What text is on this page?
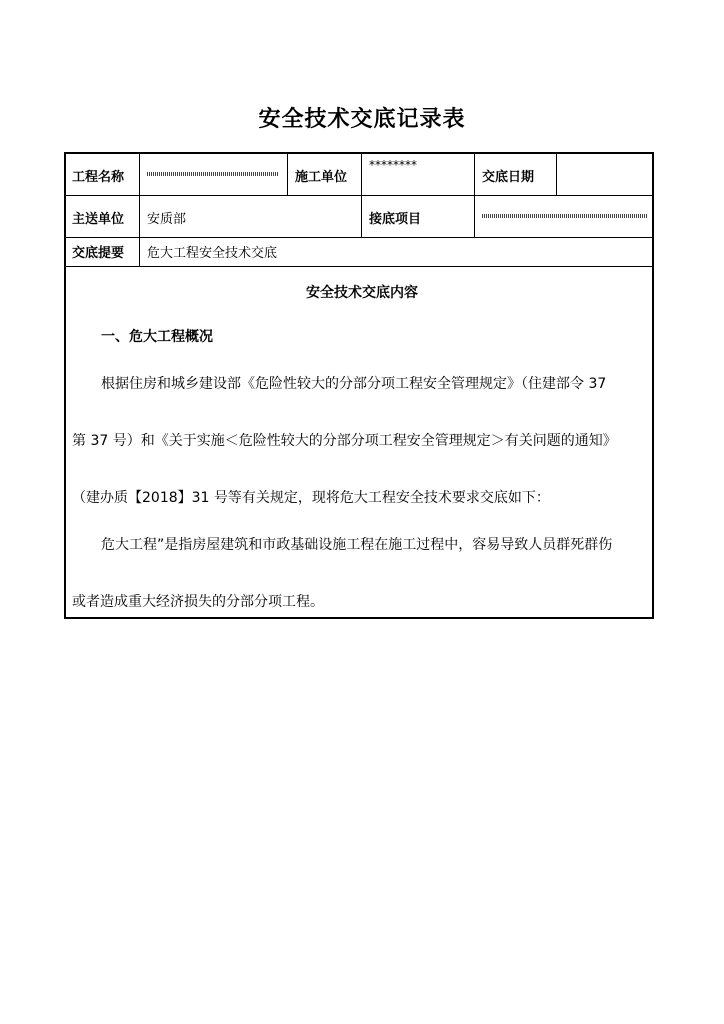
安全技术交底记录表
工程名称	施工单位
********
交底日期
主送单位 安质部	接底项目
交底提要 危大工程安全技术交底
安全技术交底内容
一、危大工程概况
根据住房和城乡建设部《危险性较大的分部分项工程安全管理规定》（住建部令 37
第 37 号）和《关于实施＜危险性较大的分部分项工程安全管理规定＞有关问题的通知》
（建办质【2018】31 号等有关规定，现将危大工程安全技术要求交底如下：
危大工程”是指房屋建筑和市政基础设施工程在施工过程中，容易导致人员群死群伤
或者造成重大经济损失的分部分项工程。
